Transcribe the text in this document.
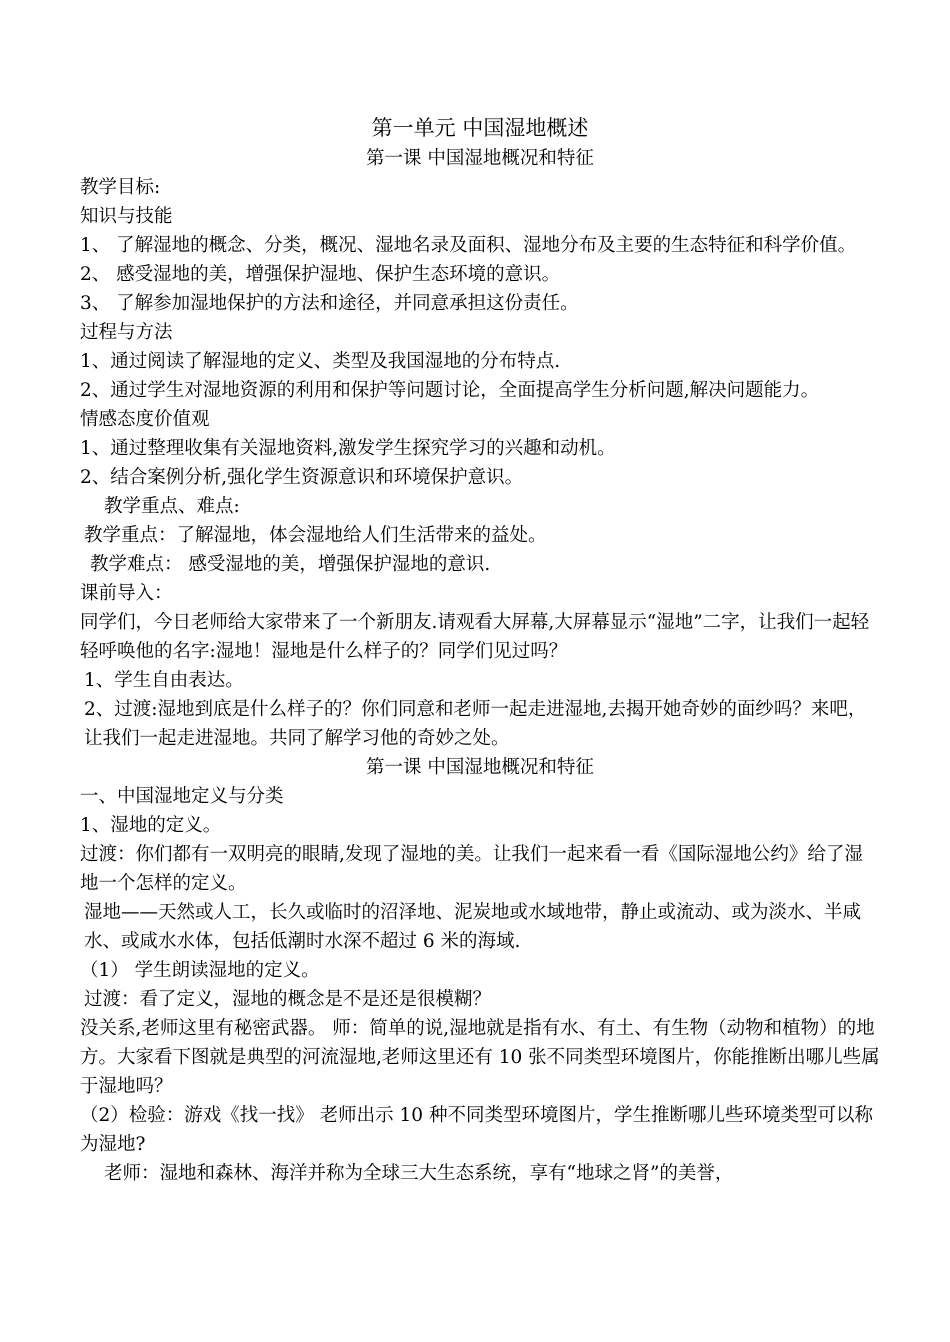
第一单元 中国湿地概述
第一课 中国湿地概况和特征
教学目标:
知识与技能
1、 了解湿地的概念、分类，概况、湿地名录及面积、湿地分布及主要的生态特征和科学价值。
2、 感受湿地的美，增强保护湿地、保护生态环境的意识。
3、 了解参加湿地保护的方法和途径，并同意承担这份责任。
过程与方法
1、通过阅读了解湿地的定义、类型及我国湿地的分布特点.
2、通过学生对湿地资源的利用和保护等问题讨论，全面提高学生分析问题,解决问题能力。
情感态度价值观
1、通过整理收集有关湿地资料,激发学生探究学习的兴趣和动机。
2、结合案例分析,强化学生资源意识和环境保护意识。
教学重点、难点:
教学重点：了解湿地，体会湿地给人们生活带来的益处。
教学难点： 感受湿地的美，增强保护湿地的意识.
课前导入：
同学们，今日老师给大家带来了一个新朋友.请观看大屏幕,大屏幕显示“湿地”二字，让我们一起轻轻呼唤他的名字:湿地！湿地是什么样子的？同学们见过吗？
1、学生自由表达。
2、过渡:湿地到底是什么样子的？你们同意和老师一起走进湿地,去揭开她奇妙的面纱吗？来吧，让我们一起走进湿地。共同了解学习他的奇妙之处。
第一课 中国湿地概况和特征
一、中国湿地定义与分类
1、湿地的定义。
过渡：你们都有一双明亮的眼睛,发现了湿地的美。让我们一起来看一看《国际湿地公约》给了湿地一个怎样的定义。
湿地——天然或人工，长久或临时的沼泽地、泥炭地或水域地带，静止或流动、或为淡水、半咸水、或咸水水体，包括低潮时水深不超过 6 米的海域.
（1） 学生朗读湿地的定义。
过渡：看了定义，湿地的概念是不是还是很模糊？
没关系,老师这里有秘密武器。 师：简单的说,湿地就是指有水、有土、有生物（动物和植物）的地方。大家看下图就是典型的河流湿地,老师这里还有 10 张不同类型环境图片，你能推断出哪儿些属于湿地吗？
（2）检验：游戏《找一找》 老师出示 10 种不同类型环境图片，学生推断哪儿些环境类型可以称为湿地?
老师：湿地和森林、海洋并称为全球三大生态系统，享有“地球之肾”的美誉，
